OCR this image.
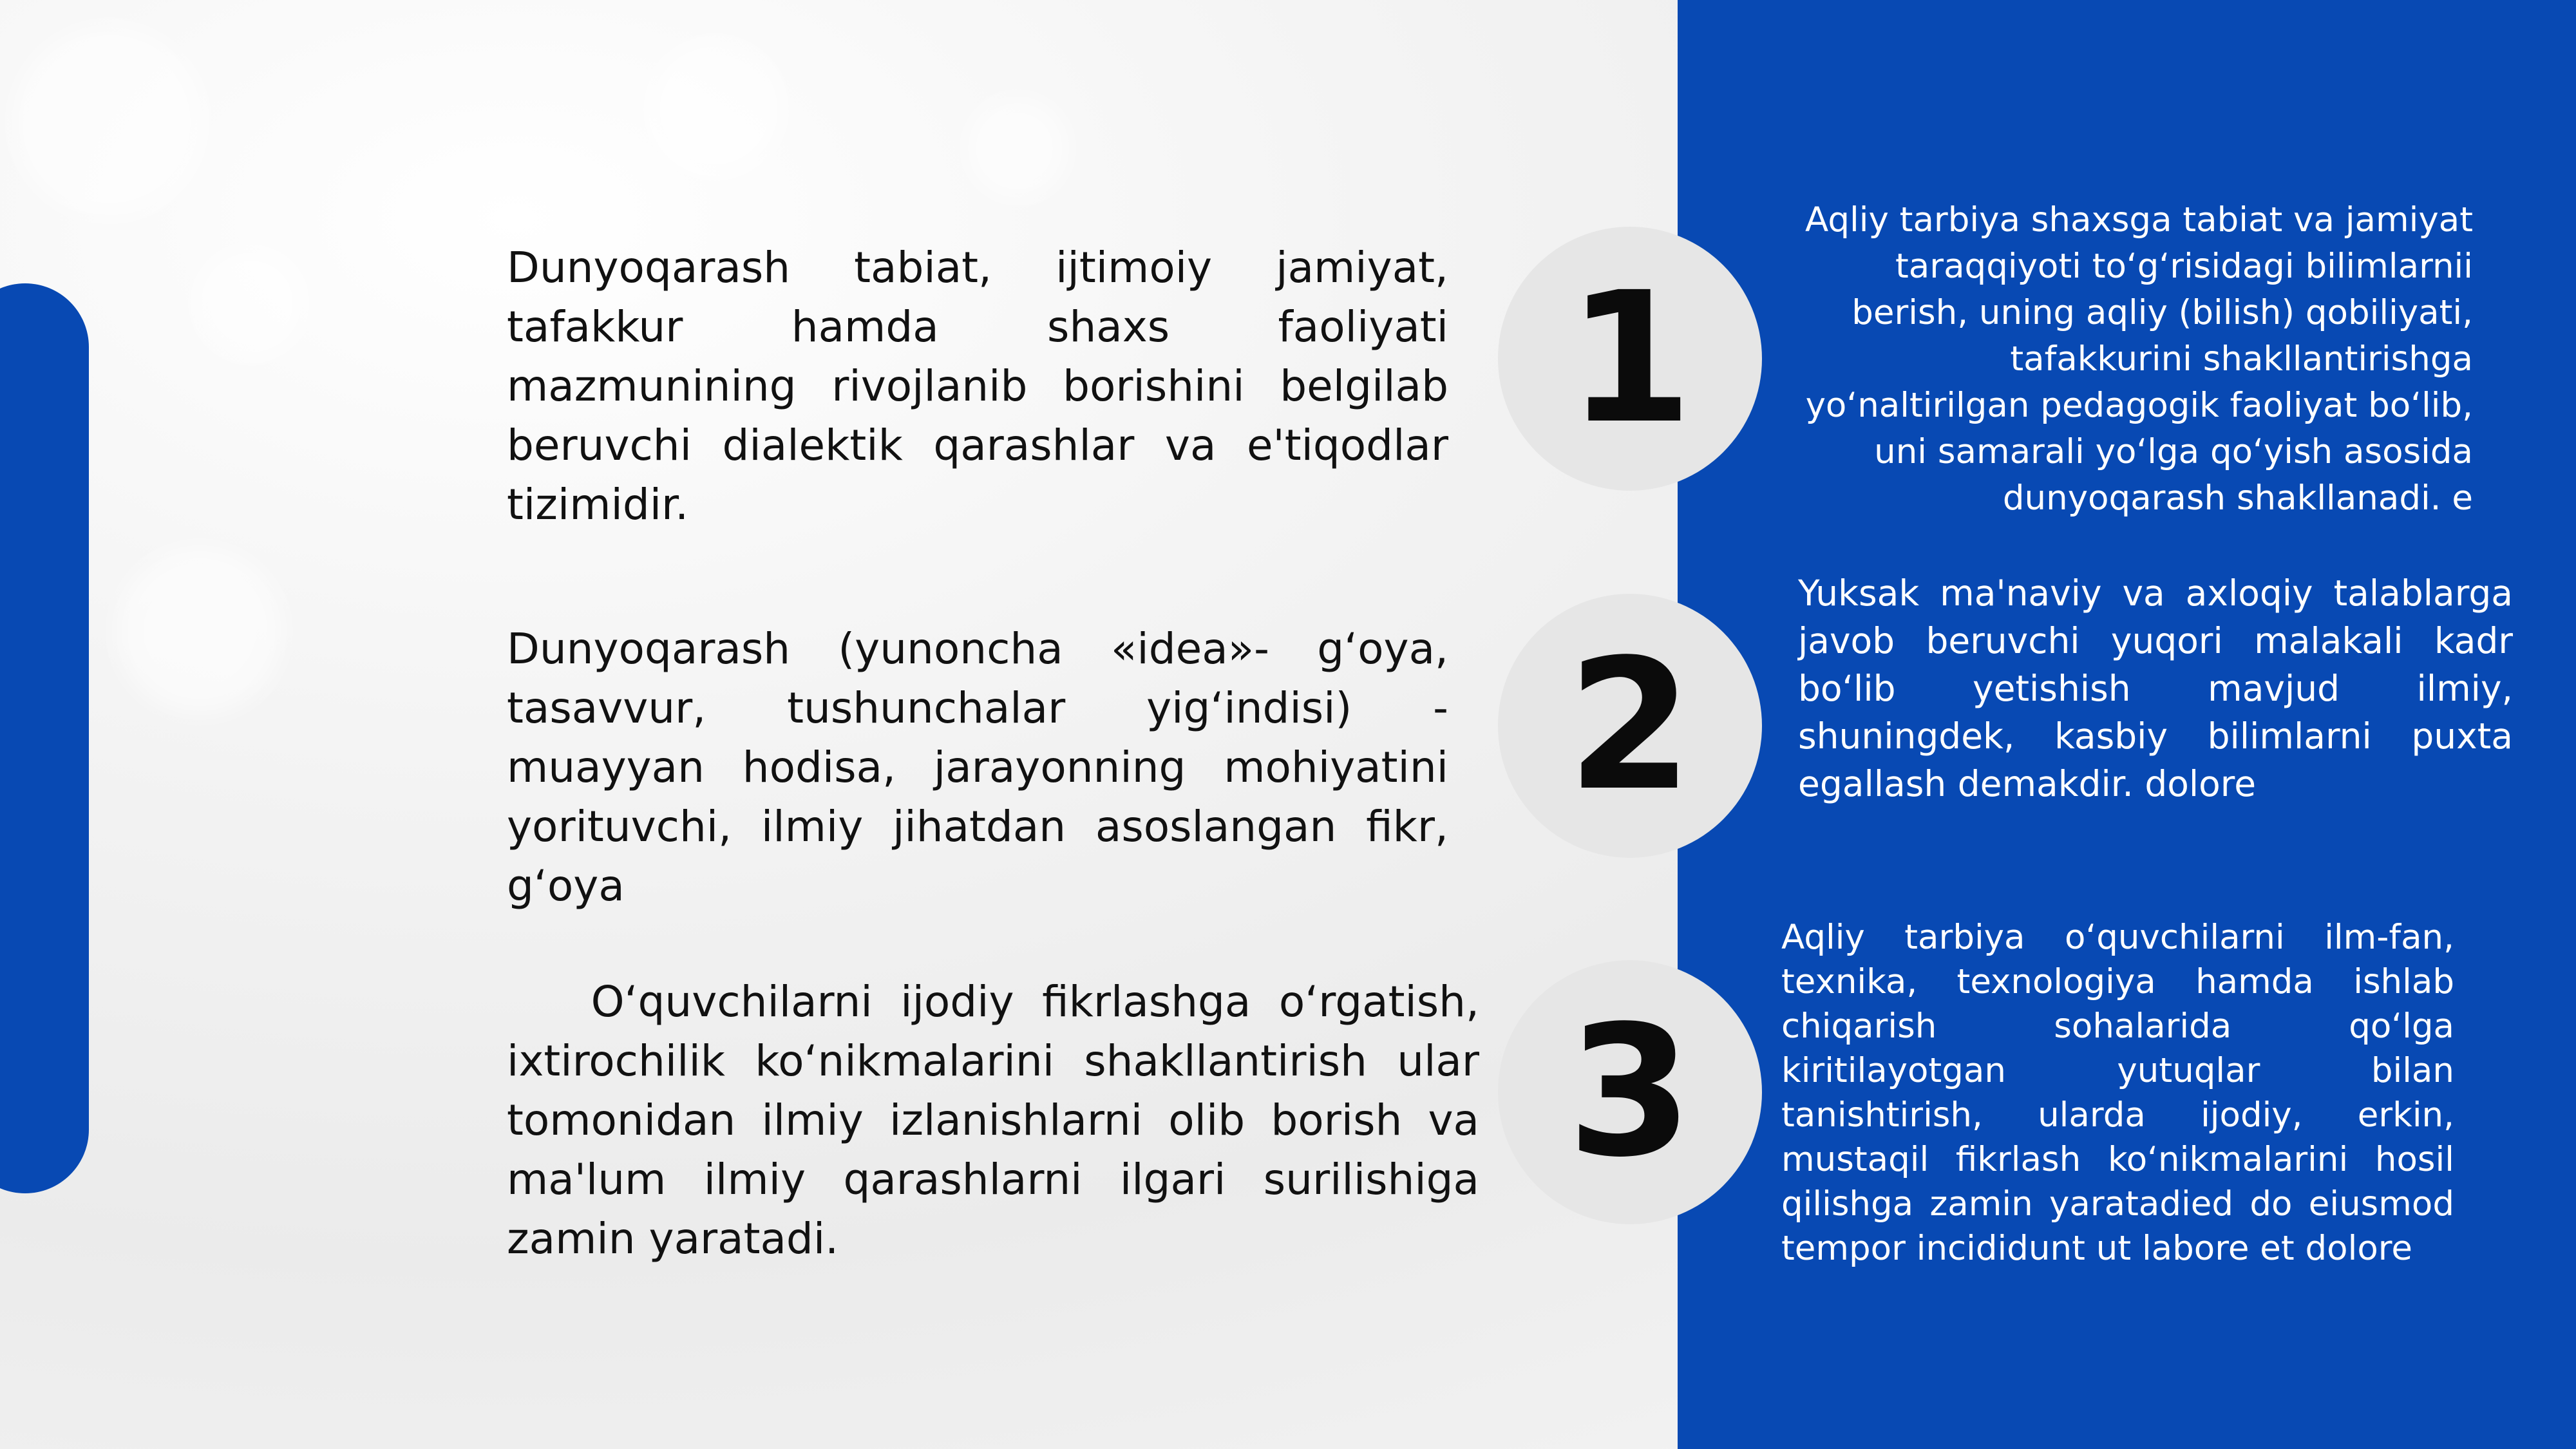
Dunyoqarash tabiat, ijtimoiy jamiyat, tafakkur hamda shaxs faoliyati mazmunining rivojlanib borishini belgilab beruvchi dialektik qarashlar va e'tiqodlar tizimidir.
Dunyoqarash (yunoncha «idea»- g‘oya, tasavvur, tushunchalar yig‘indisi) - muayyan hodisa, jarayonning mohiyatini yorituvchi, ilmiy jihatdan asoslangan fikr, g‘oya
O‘quvchilarni ijodiy fikrlashga o‘rgatish, ixtirochilik ko‘nikmalarini shakllantirish ular tomonidan ilmiy izlanishlarni olib borish va ma'lum ilmiy qarashlarni ilgari surilishiga zamin yaratadi.
1
2
3
Aqliy tarbiya shaxsga tabiat va jamiyat taraqqiyoti to‘g‘risidagi bilimlarnii berish, uning aqliy (bilish) qobiliyati, tafakkurini shakllantirishga yo‘naltirilgan pedagogik faoliyat bo‘lib, uni samarali yo‘lga qo‘yish asosida dunyoqarash shakllanadi. e
Yuksak ma'naviy va axloqiy talablarga javob beruvchi yuqori malakali kadr bo‘lib yetishish mavjud ilmiy, shuningdek, kasbiy bilimlarni puxta egallash demakdir. dolore
Aqliy tarbiya o‘quvchilarni ilm-fan, texnika, texnologiya hamda ishlab chiqarish sohalarida qo‘lga kiritilayotgan yutuqlar bilan tanishtirish, ularda ijodiy, erkin, mustaqil fikrlash ko‘nikmalarini hosil qilishga zamin yaratadied do eiusmod tempor incididunt ut labore et dolore
